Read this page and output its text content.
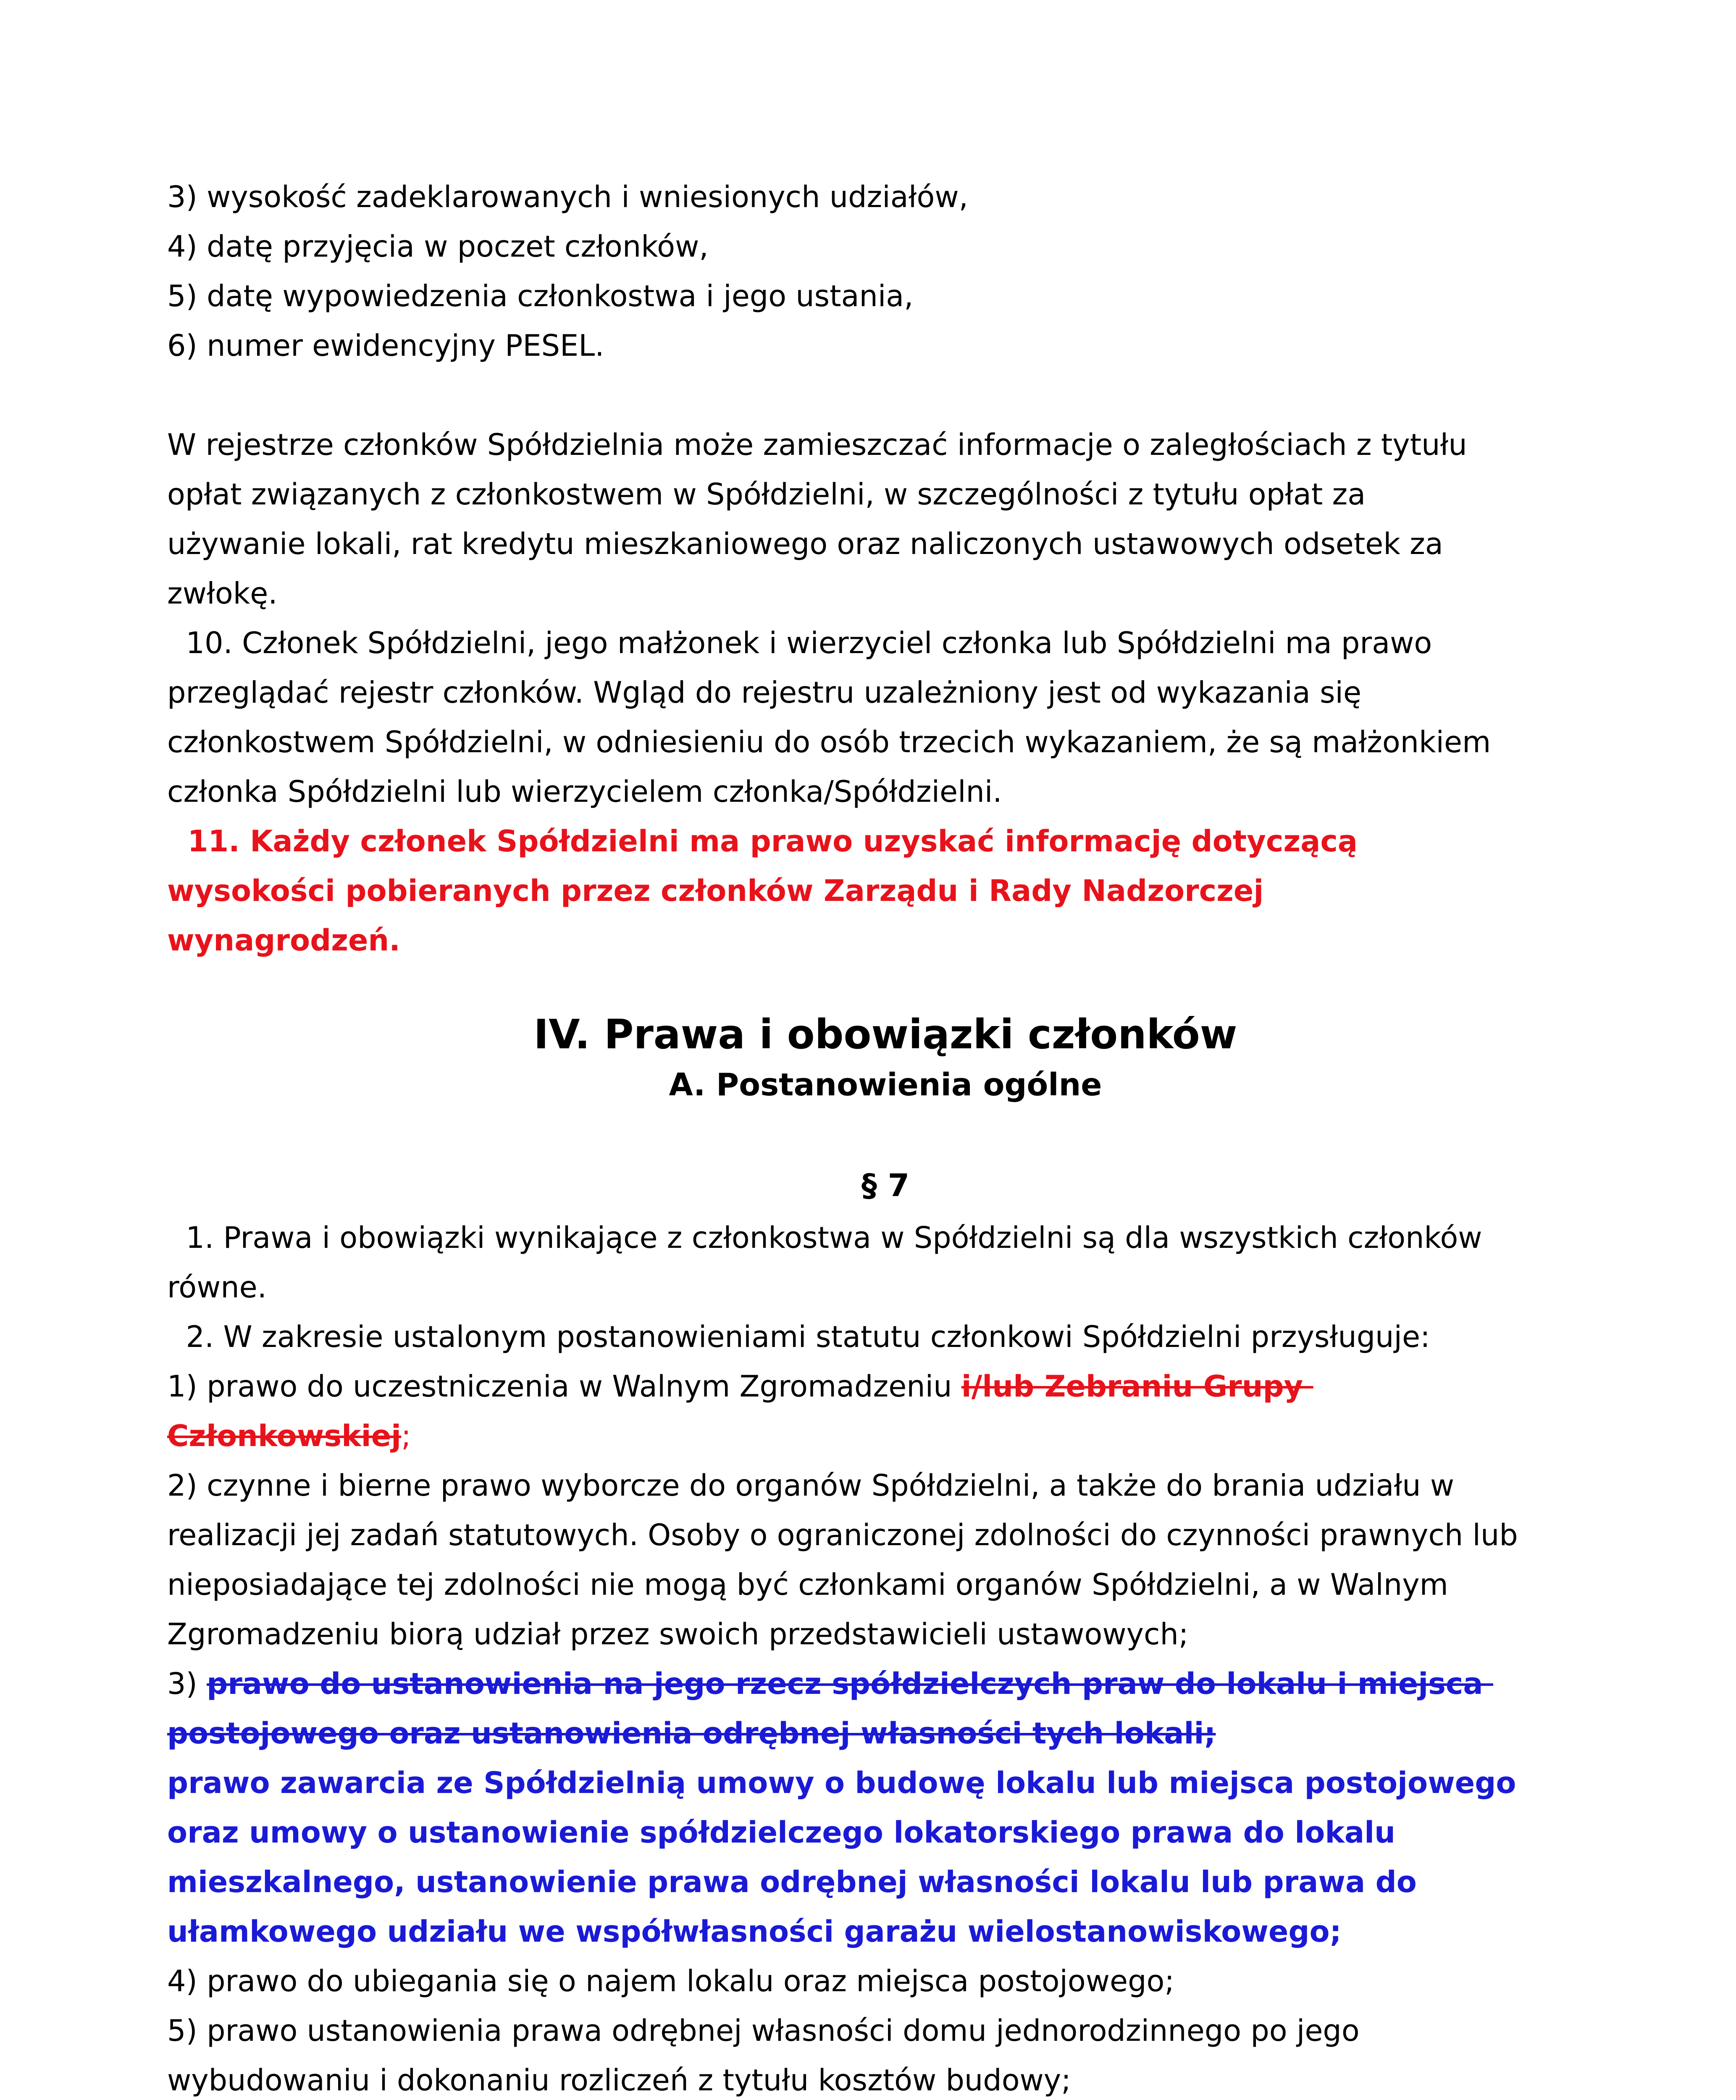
3) wysokość zadeklarowanych i wniesionych udziałów,
4) datę przyjęcia w poczet członków,
5) datę wypowiedzenia członkostwa i jego ustania,
6) numer ewidencyjny PESEL.
W rejestrze członków Spółdzielnia może zamieszczać informacje o zaległościach z tytułu
opłat związanych z członkostwem w Spółdzielni, w szczególności z tytułu opłat za
używanie lokali, rat kredytu mieszkaniowego oraz naliczonych ustawowych odsetek za
zwłokę.
10. Członek Spółdzielni, jego małżonek i wierzyciel członka lub Spółdzielni ma prawo
przeglądać rejestr członków. Wgląd do rejestru uzależniony jest od wykazania się
członkostwem Spółdzielni, w odniesieniu do osób trzecich wykazaniem, że są małżonkiem
członka Spółdzielni lub wierzycielem członka/Spółdzielni.
11. Każdy członek Spółdzielni ma prawo uzyskać informację dotyczącą
wysokości pobieranych przez członków Zarządu i Rady Nadzorczej
wynagrodzeń.
IV. Prawa i obowiązki członków
A. Postanowienia ogólne
§ 7
1. Prawa i obowiązki wynikające z członkostwa w Spółdzielni są dla wszystkich członków
równe.
2. W zakresie ustalonym postanowieniami statutu członkowi Spółdzielni przysługuje:
1) prawo do uczestniczenia w Walnym Zgromadzeniu i/lub Zebraniu Grupy
Członkowskiej;
2) czynne i bierne prawo wyborcze do organów Spółdzielni, a także do brania udziału w
realizacji jej zadań statutowych. Osoby o ograniczonej zdolności do czynności prawnych lub
nieposiadające tej zdolności nie mogą być członkami organów Spółdzielni, a w Walnym
Zgromadzeniu biorą udział przez swoich przedstawicieli ustawowych;
3) prawo do ustanowienia na jego rzecz spółdzielczych praw do lokalu i miejsca
postojowego oraz ustanowienia odrębnej własności tych lokali;
prawo zawarcia ze Spółdzielnią umowy o budowę lokalu lub miejsca postojowego
oraz umowy o ustanowienie spółdzielczego lokatorskiego prawa do lokalu
mieszkalnego, ustanowienie prawa odrębnej własności lokalu lub prawa do
ułamkowego udziału we współwłasności garażu wielostanowiskowego;
4) prawo do ubiegania się o najem lokalu oraz miejsca postojowego;
5) prawo ustanowienia prawa odrębnej własności domu jednorodzinnego po jego
wybudowaniu i dokonaniu rozliczeń z tytułu kosztów budowy;
